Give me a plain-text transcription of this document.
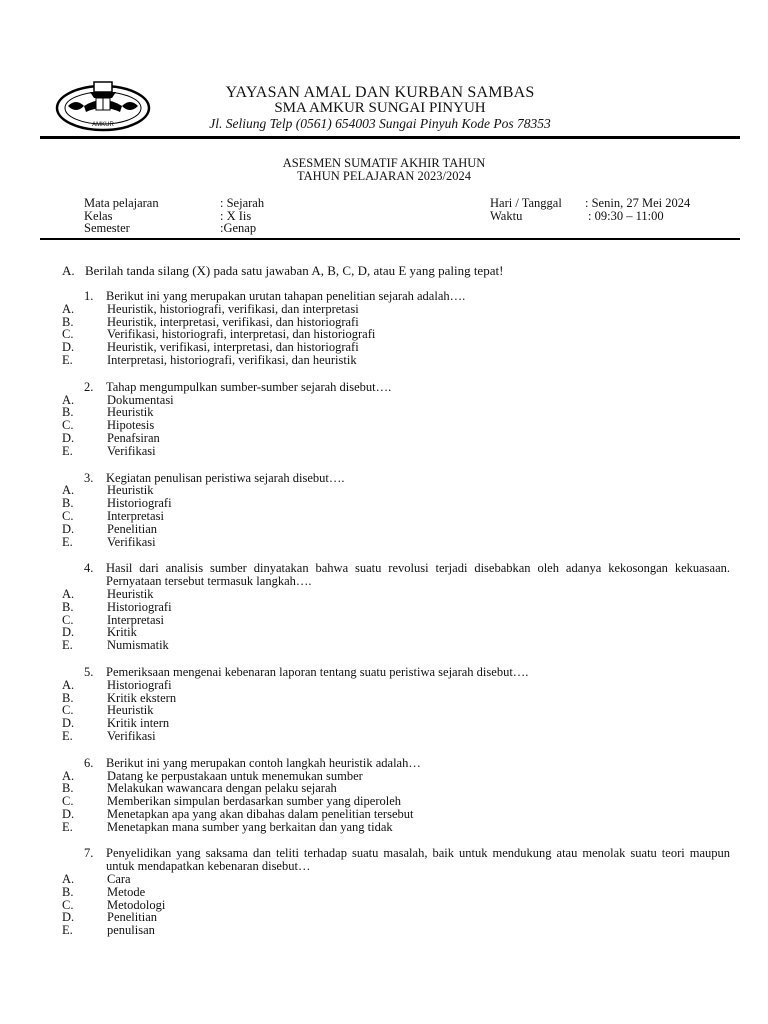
AMKUR
YAYASAN AMAL DAN KURBAN SAMBAS
SMA AMKUR SUNGAI PINYUH
Jl. Seliung Telp (0561) 654003 Sungai Pinyuh Kode Pos 78353
ASESMEN SUMATIF AKHIR TAHUN
TAHUN PELAJARAN 2023/2024
Mata pelajaran	: Sejarah
Kelas	: X Iis
Semester	:Genap
Hari / Tanggal : Senin, 27 Mei 2024
Waktu	: 09:30 – 11:00
A. Berilah tanda silang (X) pada satu jawaban A, B, C, D, atau E yang paling tepat!
1.	Berikut ini yang merupakan urutan tahapan penelitian sejarah adalah….
A.	Heuristik, historiografi, verifikasi, dan interpretasi
B.	Heuristik, interpretasi, verifikasi, dan historiografi
C.	Verifikasi, historiografi, interpretasi, dan historiografi
D.	Heuristik, verifikasi, interpretasi, dan historiografi
E.	Interpretasi, historiografi, verifikasi, dan heuristik
2.	Tahap mengumpulkan sumber-sumber sejarah disebut….
A.	Dokumentasi
B.	Heuristik
C.	Hipotesis
D.	Penafsiran
E.	Verifikasi
3.	Kegiatan penulisan peristiwa sejarah disebut….
A.	Heuristik
B.	Historiografi
C.	Interpretasi
D.	Penelitian
E.	Verifikasi
4.	Hasil dari analisis sumber dinyatakan bahwa suatu revolusi terjadi disebabkan oleh adanya kekosongan kekuasaan. Pernyataan tersebut termasuk langkah….
A.	Heuristik
B.	Historiografi
C.	Interpretasi
D.	Kritik
E.	Numismatik
5.	Pemeriksaan mengenai kebenaran laporan tentang suatu peristiwa sejarah disebut….
A.	Historiografi
B.	Kritik ekstern
C.	Heuristik
D.	Kritik intern
E.	Verifikasi
6.	Berikut ini yang merupakan contoh langkah heuristik adalah…
A.	Datang ke perpustakaan untuk menemukan sumber
B.	Melakukan wawancara dengan pelaku sejarah
C.	Memberikan simpulan berdasarkan sumber yang diperoleh
D.	Menetapkan apa yang akan dibahas dalam penelitian tersebut
E.	Menetapkan mana sumber yang berkaitan dan yang tidak
7.	Penyelidikan yang saksama dan teliti terhadap suatu masalah, baik untuk mendukung atau menolak suatu teori maupun untuk mendapatkan kebenaran disebut…
A.	Cara
B.	Metode
C.	Metodologi
D.	Penelitian
E.	penulisan
